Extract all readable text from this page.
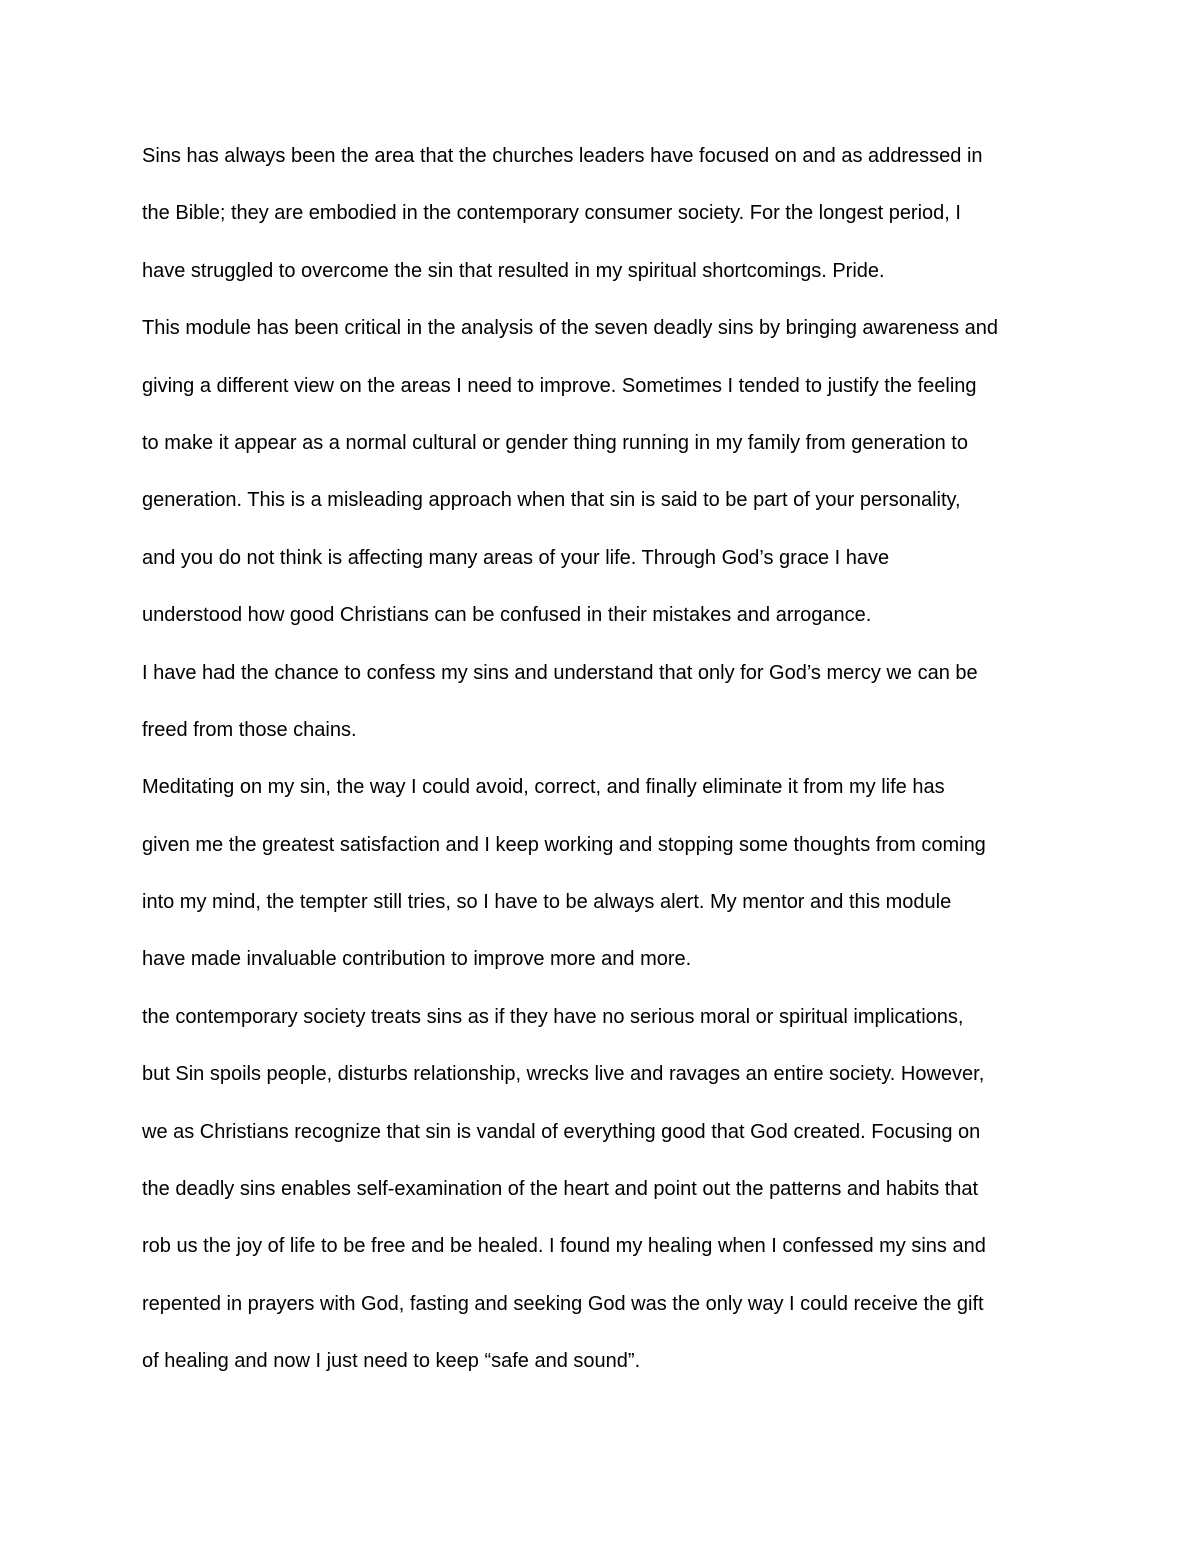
Sins has always been the area that the churches leaders have focused on and as addressed in
the Bible; they are embodied in the contemporary consumer society. For the longest period, I
have struggled to overcome the sin that resulted in my spiritual shortcomings. Pride.
This module has been critical in the analysis of the seven deadly sins by bringing awareness and
giving a different view on the areas I need to improve. Sometimes I tended to justify the feeling
to make it appear as a normal cultural or gender thing running in my family from generation to
generation. This is a misleading approach when that sin is said to be part of your personality,
and you do not think is affecting many areas of your life. Through God’s grace I have
understood how good Christians can be confused in their mistakes and arrogance.
I have had the chance to confess my sins and understand that only for God’s mercy we can be
freed from those chains.
Meditating on my sin, the way I could avoid, correct, and finally eliminate it from my life has
given me the greatest satisfaction and I keep working and stopping some thoughts from coming
into my mind, the tempter still tries, so I have to be always alert. My mentor and this module
have made invaluable contribution to improve more and more.
the contemporary society treats sins as if they have no serious moral or spiritual implications,
but Sin spoils people, disturbs relationship, wrecks live and ravages an entire society. However,
we as Christians recognize that sin is vandal of everything good that God created. Focusing on
the deadly sins enables self-examination of the heart and point out the patterns and habits that
rob us the joy of life to be free and be healed. I found my healing when I confessed my sins and
repented in prayers with God, fasting and seeking God was the only way I could receive the gift
of healing and now I just need to keep “safe and sound”.
